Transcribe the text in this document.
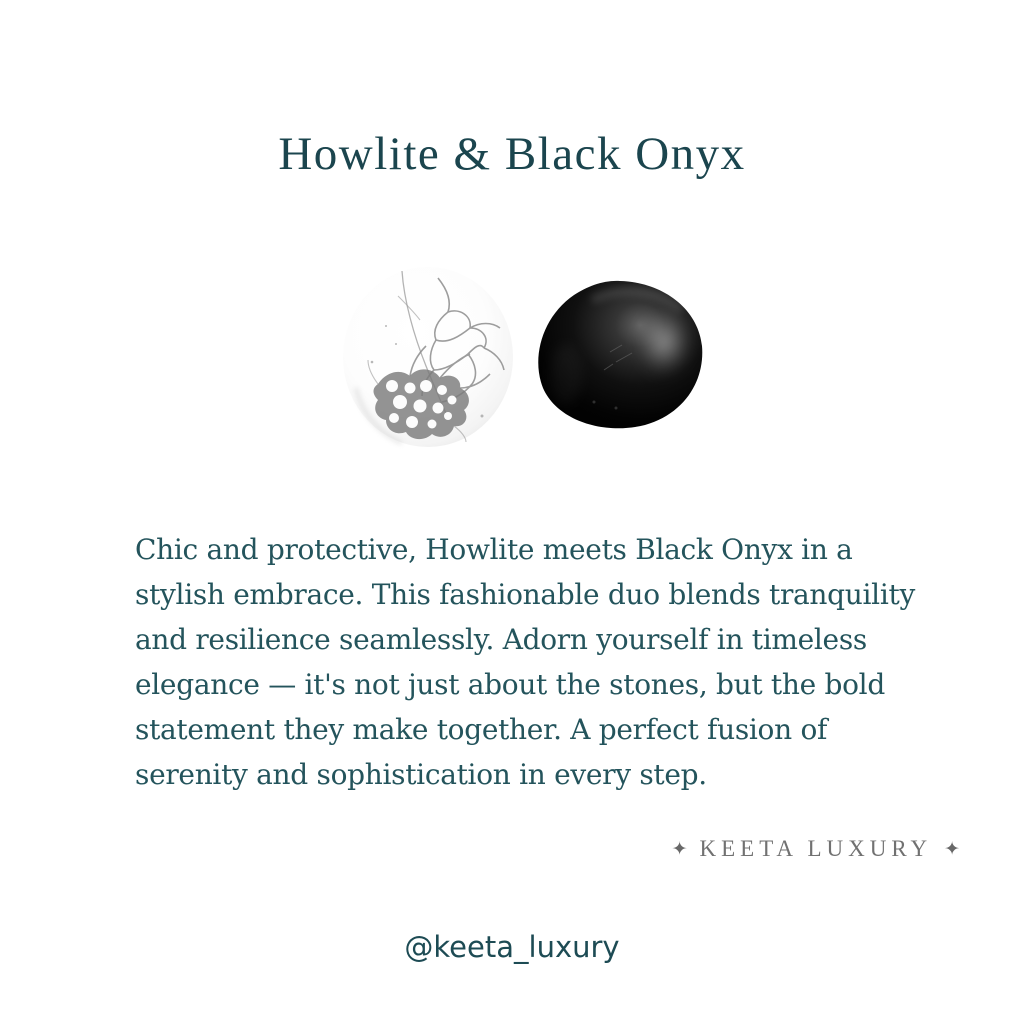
Howlite & Black Onyx
Chic and protective, Howlite meets Black Onyx in a
stylish embrace. This fashionable duo blends tranquility
and resilience seamlessly. Adorn yourself in timeless
elegance — it's not just about the stones, but the bold
statement they make together. A perfect fusion of
serenity and sophistication in every step.
✦ KEETA LUXURY ✦
@keeta_luxury
